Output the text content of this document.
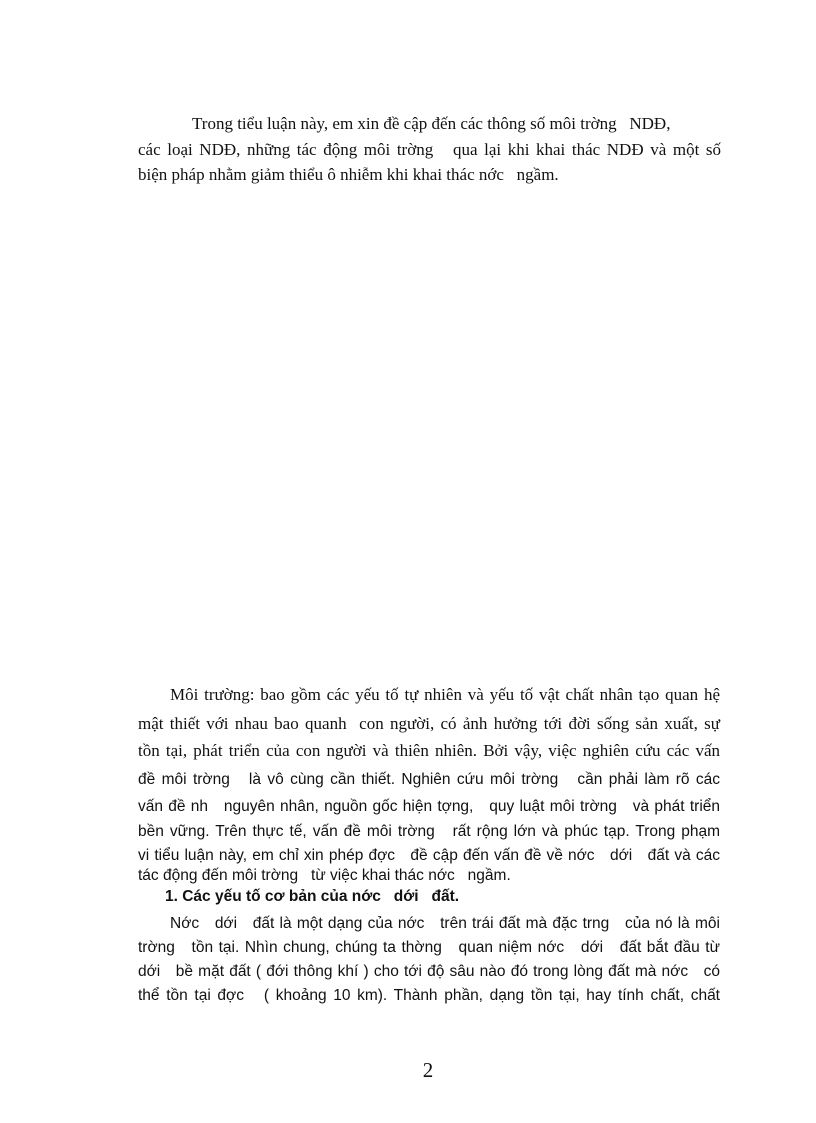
Trong tiểu luận này, em xin đề cập đến các thông số môi trờng   NDĐ,
các loại NDĐ, những tác động môi trờng   qua lại khi khai thác NDĐ và một số
biện pháp nhằm giảm thiểu ô nhiễm khi khai thác nớc   ngầm.
Môi trường: bao gồm các yếu tố tự nhiên và yếu tố vật chất nhân tạo quan hệ
mật thiết với nhau bao quanh  con người, có ảnh hưởng tới đời sống sản xuất, sự
tồn tại, phát triển của con người và thiên nhiên. Bởi vậy, việc nghiên cứu các vấn
đề môi trờng   là vô cùng cần thiết. Nghiên cứu môi trờng   cần phải làm rõ các
vấn đề nh   nguyên nhân, nguồn gốc hiện tợng,   quy luật môi trờng   và phát triển
bền vững. Trên thực tế, vấn đề môi trờng   rất rộng lớn và phúc tạp. Trong phạm
vi tiểu luận này, em chỉ xin phép đợc   đề cập đến vấn đề về nớc   dới   đất và các
tác động đến môi trờng   từ việc khai thác nớc   ngầm.
1. Các yếu tố cơ bản của nớc   dới   đất.
Nớc   dới   đất là một dạng của nớc   trên trái đất mà đặc trng   của nó là môi
trờng   tồn tại. Nhìn chung, chúng ta thờng   quan niệm nớc   dới   đất bắt đầu từ
dới   bề mặt đất ( đới thông khí ) cho tới độ sâu nào đó trong lòng đất mà nớc   có
thể tồn tại đợc   ( khoảng 10 km). Thành phần, dạng tồn tại, hay tính chất, chất
2
